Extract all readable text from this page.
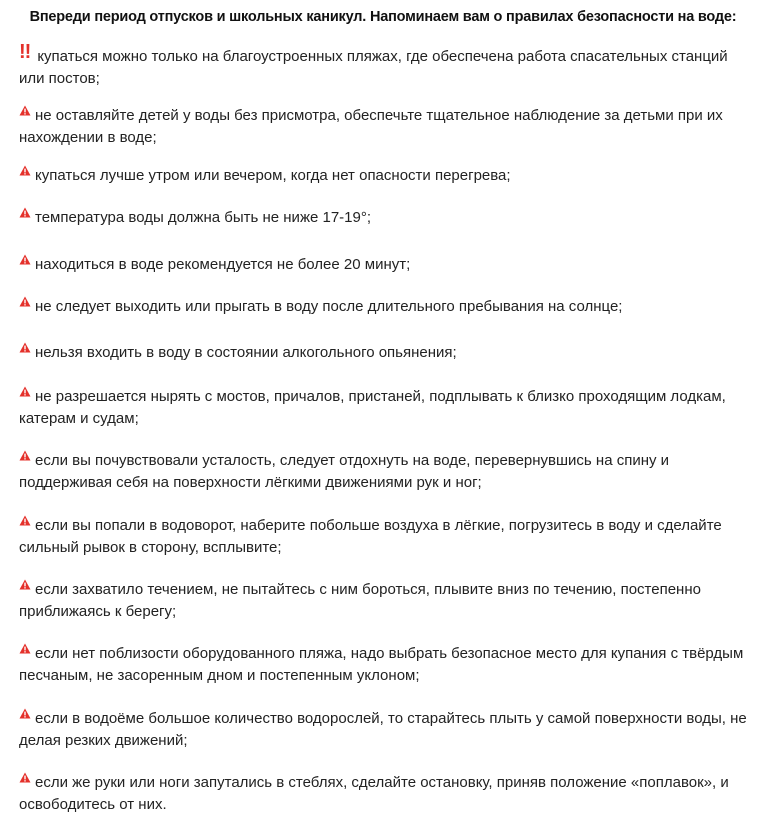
Впереди период отпусков и школьных каникул. Напоминаем вам о правилах безопасности на воде:
!! купаться можно только на благоустроенных пляжах, где обеспечена работа спасательных станций или постов;
не оставляйте детей у воды без присмотра, обеспечьте тщательное наблюдение за детьми при их нахождении в воде;
купаться лучше утром или вечером, когда нет опасности перегрева;
температура воды должна быть не ниже 17-19°;
находиться в воде рекомендуется не более 20 минут;
не следует выходить или прыгать в воду после длительного пребывания на солнце;
нельзя входить в воду в состоянии алкогольного опьянения;
не разрешается нырять с мостов, причалов, пристаней, подплывать к близко проходящим лодкам, катерам и судам;
если вы почувствовали усталость, следует отдохнуть на воде, перевернувшись на спину и поддерживая себя на поверхности лёгкими движениями рук и ног;
если вы попали в водоворот, наберите побольше воздуха в лёгкие, погрузитесь в воду и сделайте сильный рывок в сторону, всплывите;
если захватило течением, не пытайтесь с ним бороться, плывите вниз по течению, постепенно приближаясь к берегу;
если нет поблизости оборудованного пляжа, надо выбрать безопасное место для купания с твёрдым песчаным, не засоренным дном и постепенным уклоном;
если в водоёме большое количество водорослей, то старайтесь плыть у самой поверхности воды, не делая резких движений;
если же руки или ноги запутались в стеблях, сделайте остановку, приняв положение «поплавок», и освободитесь от них.
